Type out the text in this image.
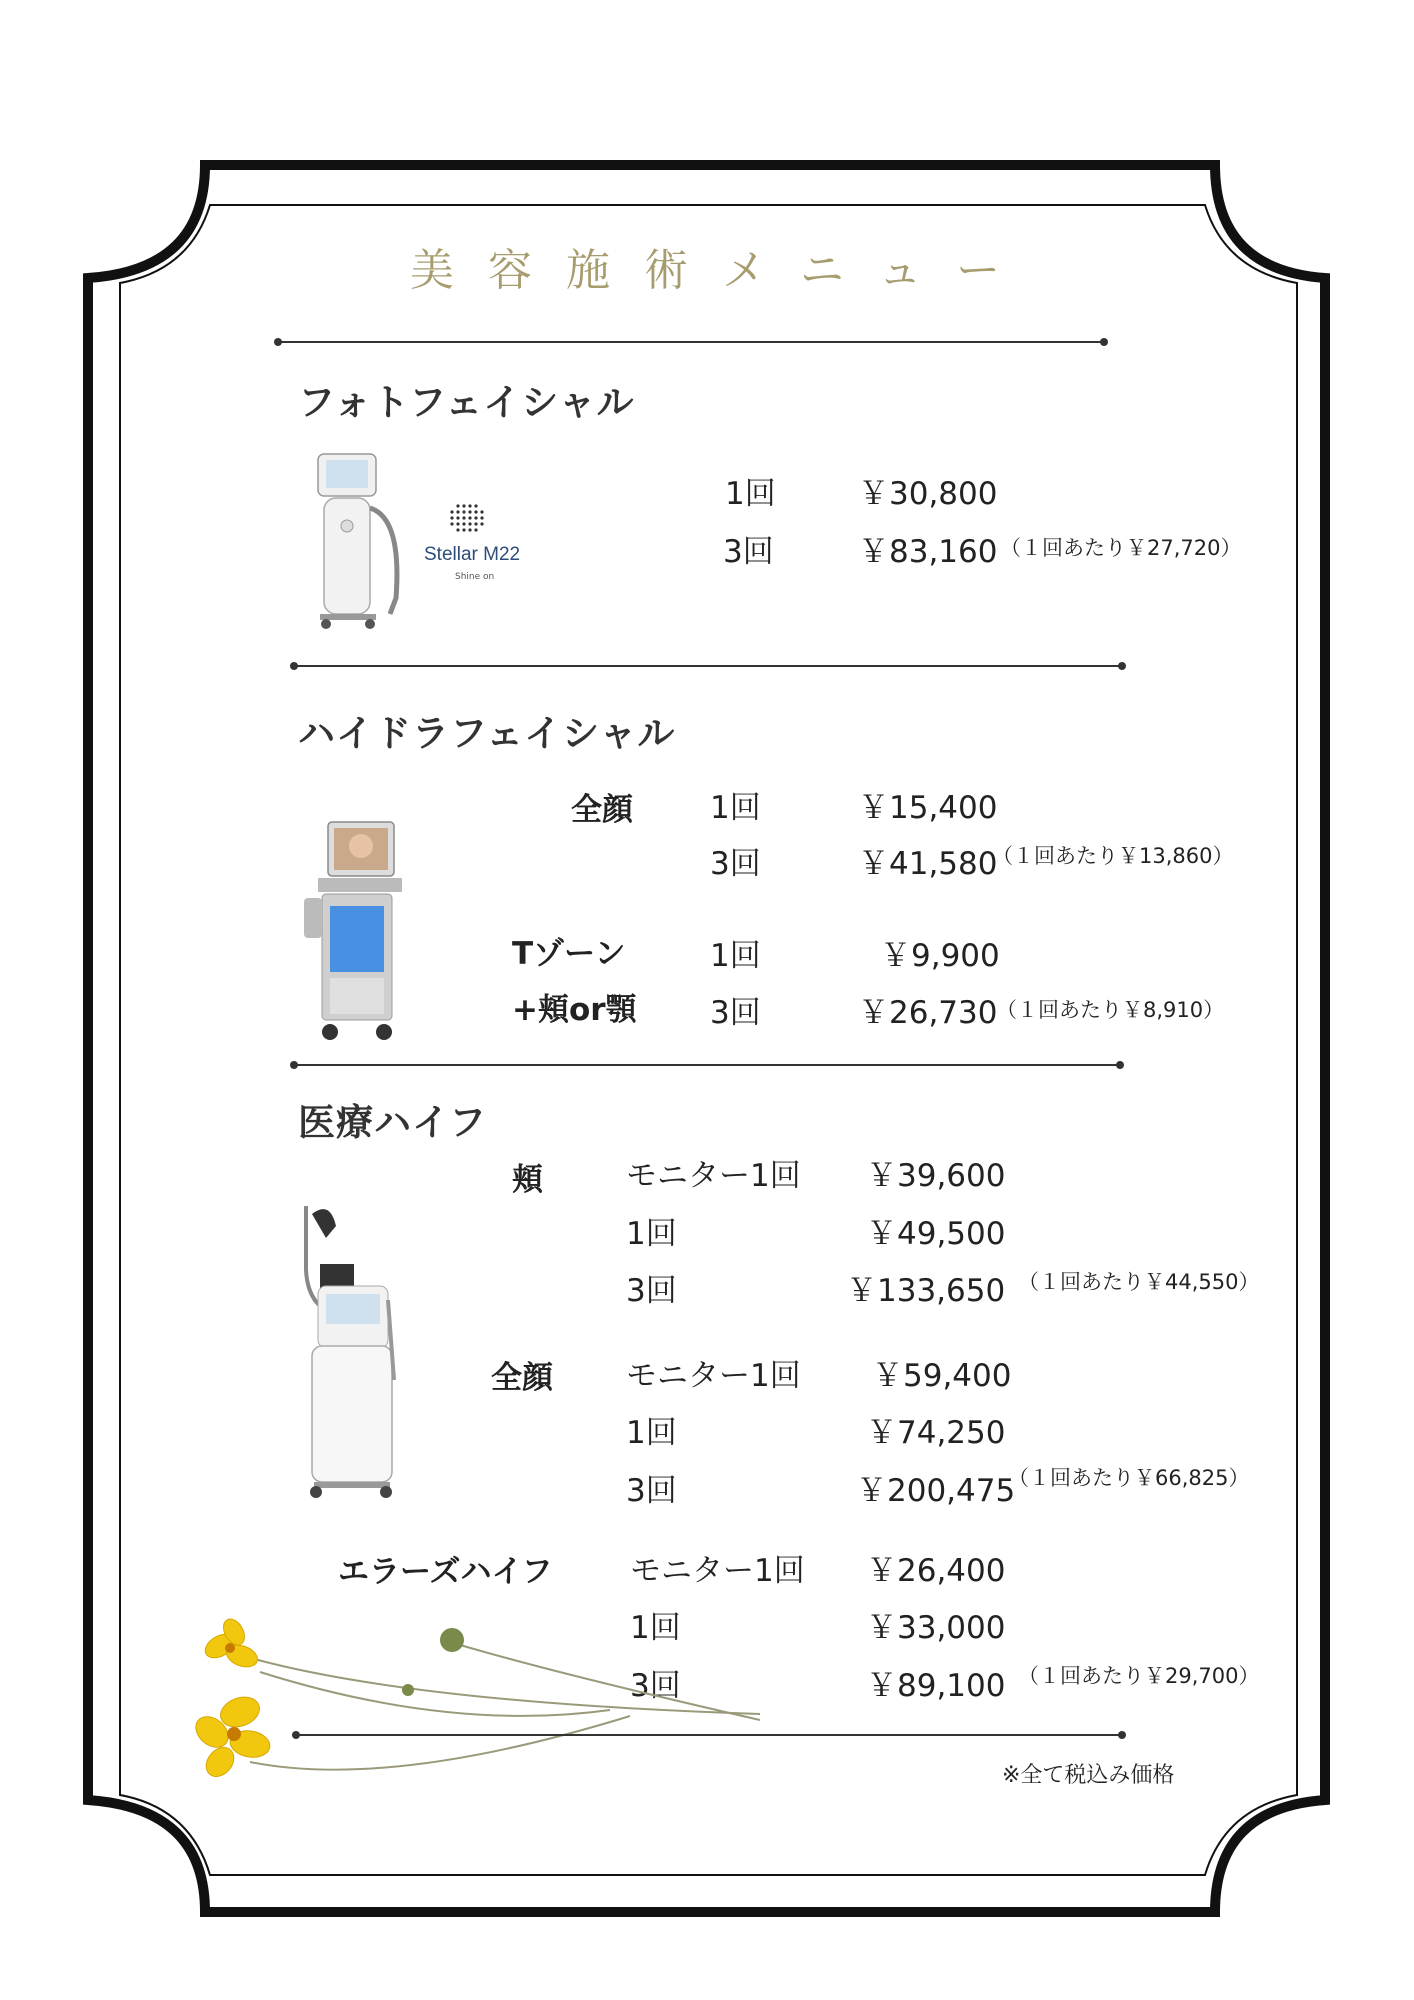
美容施術メニュー
フォトフェイシャル
Stellar M22
Shine on
1回	￥30,800
3回	￥83,160 （１回あたり￥27,720）
ハイドラフェイシャル
全顔 1回	￥15,400
3回	￥41,580
（１回あたり￥13,860）
Tゾーン
+頬or顎
1回	￥9,900
3回	￥26,730
（１回あたり￥8,910）
医療ハイフ
頬	モニター1回 ￥39,600
1回	￥49,500
3回	￥133,650 （１回あたり￥44,550）
全顔 モニター1回 ￥59,400
1回	￥74,250
3回	￥200,475
（１回あたり￥66,825）
エラーズハイフ モニター1回 ￥26,400
1回	￥33,000
3回	￥89,100 （１回あたり￥29,700）
※全て税込み価格
